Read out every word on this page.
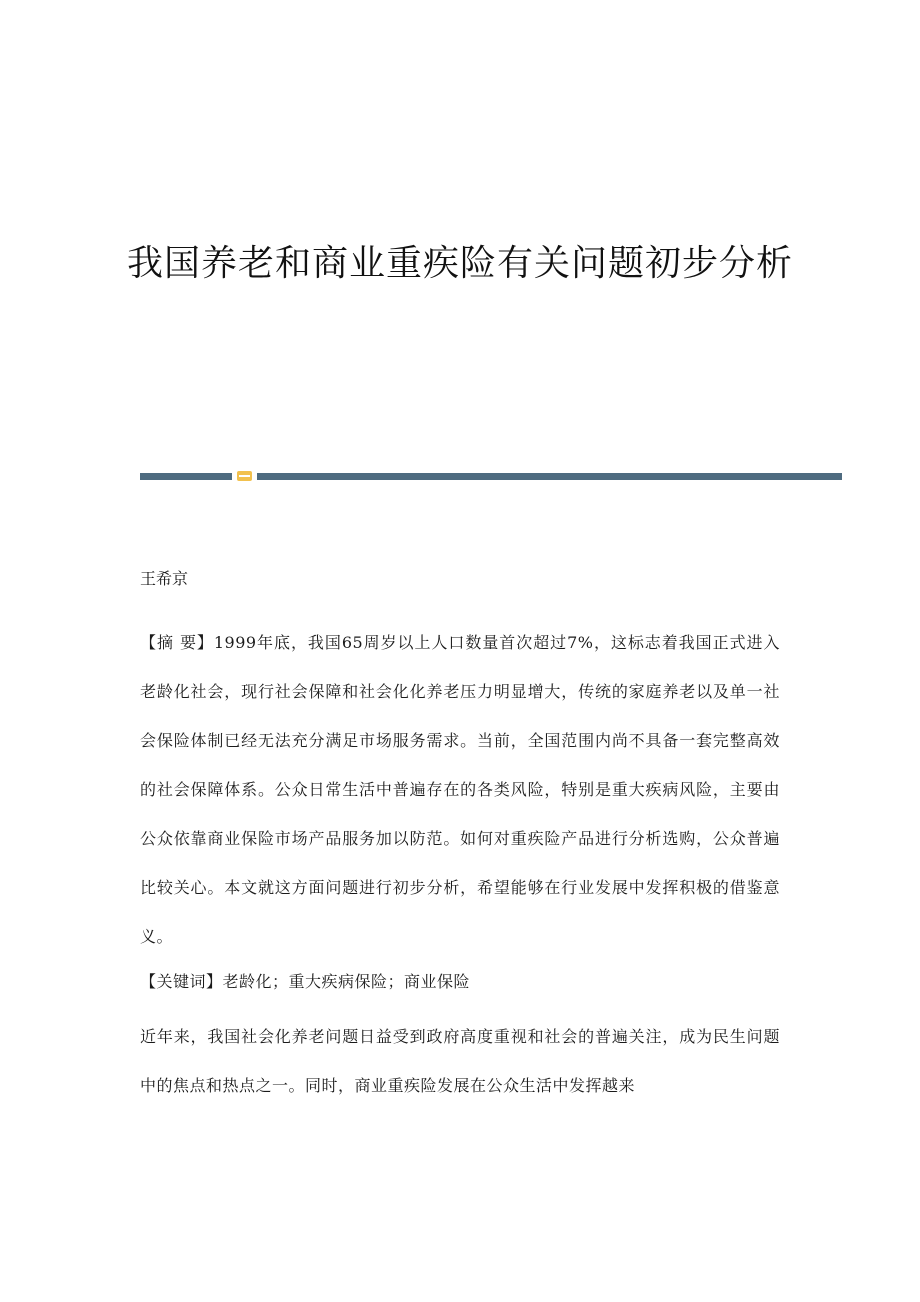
我国养老和商业重疾险有关问题初步分析
王希京
【摘 要】1999年底，我国65周岁以上人口数量首次超过7%，这标志着我国正式进入老龄化社会，现行社会保障和社会化化养老压力明显增大，传统的家庭养老以及单一社会保险体制已经无法充分满足市场服务需求。当前，全国范围内尚不具备一套完整高效的社会保障体系。公众日常生活中普遍存在的各类风险，特别是重大疾病风险，主要由公众依靠商业保险市场产品服务加以防范。如何对重疾险产品进行分析选购，公众普遍比较关心。本文就这方面问题进行初步分析，希望能够在行业发展中发挥积极的借鉴意义。
【关键词】老龄化；重大疾病保险；商业保险
近年来，我国社会化养老问题日益受到政府高度重视和社会的普遍关注，成为民生问题中的焦点和热点之一。同时，商业重疾险发展在公众生活中发挥越来
